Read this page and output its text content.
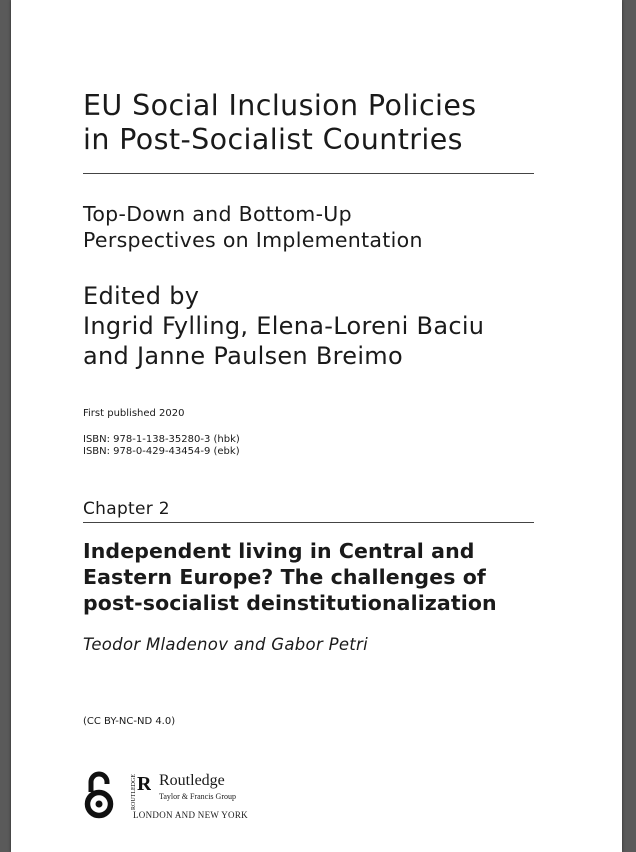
EU Social Inclusion Policies
in Post-Socialist Countries
Top-Down and Bottom-Up
Perspectives on Implementation
Edited by
Ingrid Fylling, Elena-Loreni Baciu
and Janne Paulsen Breimo
First published 2020
ISBN: 978-1-138-35280-3 (hbk)
ISBN: 978-0-429-43454-9 (ebk)
Chapter 2
Independent living in Central and
Eastern Europe? The challenges of
post-socialist deinstitutionalization
Teodor Mladenov and Gabor Petri
(CC BY-NC-ND 4.0)
ROUTLEDGE R Routledge
Taylor & Francis Group
LONDON AND NEW YORK
